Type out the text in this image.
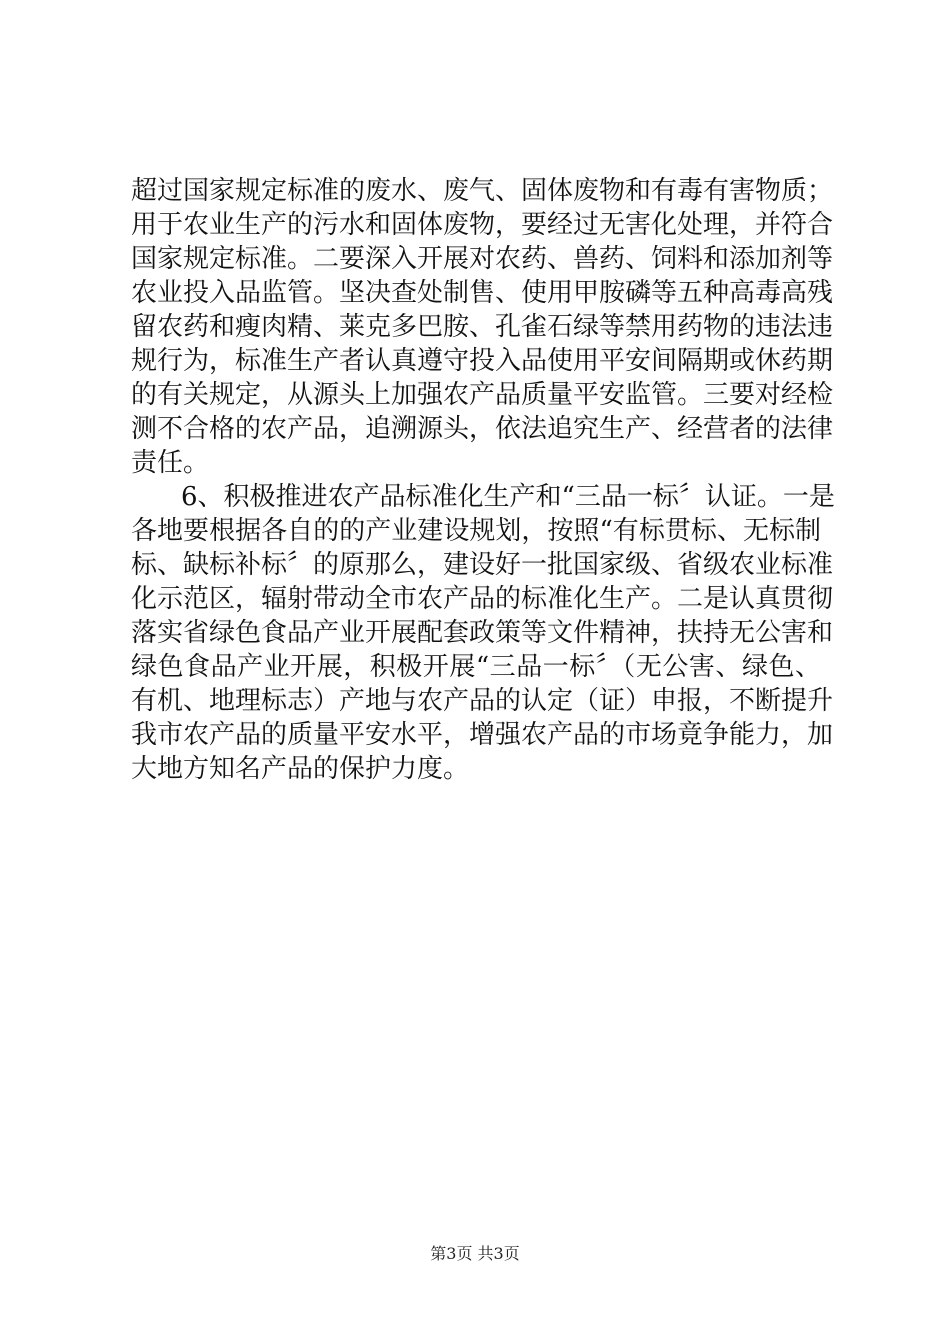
超过国家规定标准的废水、废气、固体废物和有毒有害物质；
用于农业生产的污水和固体废物，要经过无害化处理，并符合
国家规定标准。二要深入开展对农药、兽药、饲料和添加剂等
农业投入品监管。坚决查处制售、使用甲胺磷等五种高毒高残
留农药和瘦肉精、莱克多巴胺、孔雀石绿等禁用药物的违法违
规行为，标准生产者认真遵守投入品使用平安间隔期或休药期
的有关规定，从源头上加强农产品质量平安监管。三要对经检
测不合格的农产品，追溯源头，依法追究生产、经营者的法律
责任。
6、积极推进农产品标准化生产和“三品一标〞认证。一是
各地要根据各自的的产业建设规划，按照“有标贯标、无标制
标、缺标补标〞的原那么，建设好一批国家级、省级农业标准
化示范区，辐射带动全市农产品的标准化生产。二是认真贯彻
落实省绿色食品产业开展配套政策等文件精神，扶持无公害和
绿色食品产业开展，积极开展“三品一标〞（无公害、绿色、
有机、地理标志）产地与农产品的认定（证）申报，不断提升
我市农产品的质量平安水平，增强农产品的市场竟争能力，加
大地方知名产品的保护力度。
第3页 共3页
